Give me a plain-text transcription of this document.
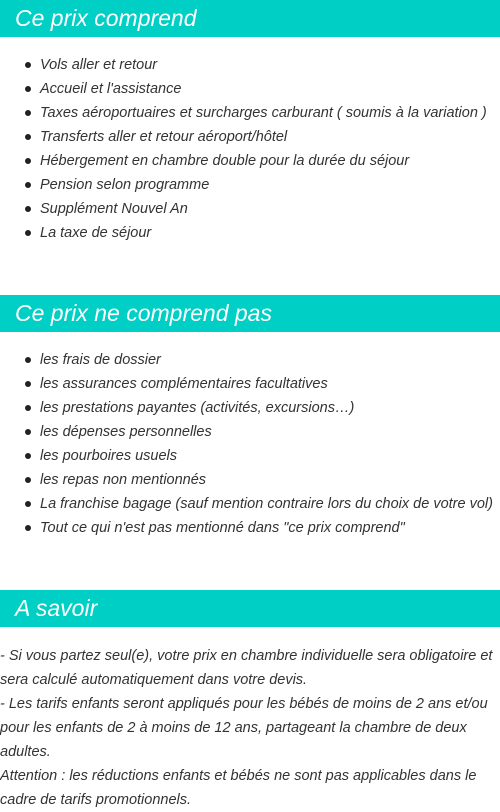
Ce prix comprend
Vols aller et retour
Accueil et l'assistance
Taxes aéroportuaires et surcharges carburant ( soumis à la variation )
Transferts aller et retour aéroport/hôtel
Hébergement en chambre double pour la durée du séjour
Pension selon programme
Supplément Nouvel An
La taxe de séjour
Ce prix ne comprend pas
les frais de dossier
les assurances complémentaires facultatives
les prestations payantes (activités, excursions…)
les dépenses personnelles
les pourboires usuels
les repas non mentionnés
La franchise bagage (sauf mention contraire lors du choix de votre vol)
Tout ce qui n'est pas mentionné dans "ce prix comprend"
A savoir

- Si vous partez seul(e), votre prix en chambre individuelle sera obligatoire et sera calculé automatiquement dans votre devis.

- Les tarifs enfants seront appliqués pour les bébés de moins de 2 ans et/ou pour les enfants de 2 à moins de 12 ans, partageant la chambre de deux adultes.

Attention : les réductions enfants et bébés ne sont pas applicables dans le cadre de tarifs promotionnels.
